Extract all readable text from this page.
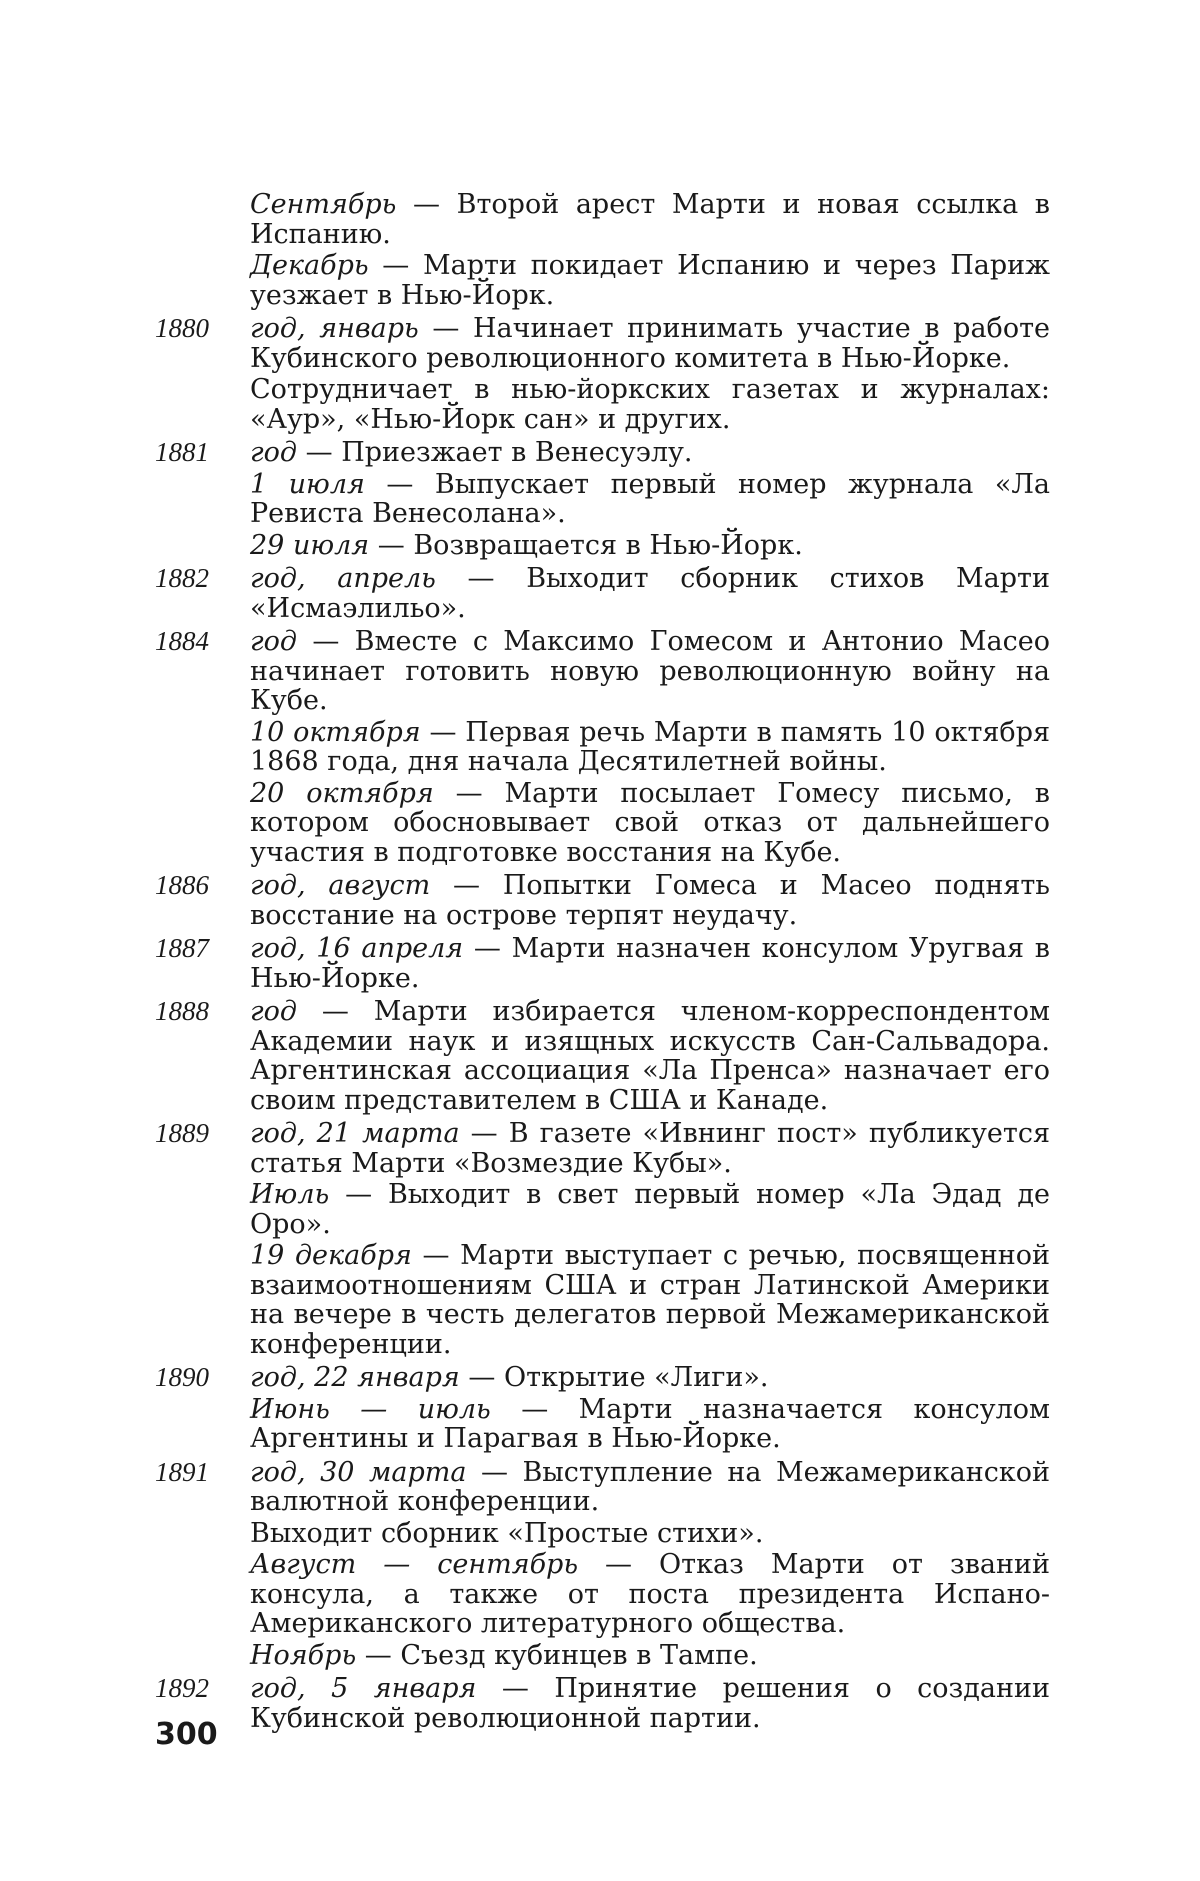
Сентябрь — Второй арест Марти и новая ссылка в Испанию.

Декабрь — Марти покидает Испанию и через Париж уезжает в Нью-Йорк.

1880 год, январь — Начинает принимать участие в работе Кубинского революционного комитета в Нью-Йорке.

Сотрудничает в нью-йоркских газетах и журналах: «Аур», «Нью-Йорк сан» и других.

1881 год — Приезжает в Венесуэлу.

1 июля — Выпускает первый номер журнала «Ла Ревиста Венесолана».

29 июля — Возвращается в Нью-Йорк.

1882 год, апрель — Выходит сборник стихов Марти «Исмаэлильо».

1884 год — Вместе с Максимо Гомесом и Антонио Масео начинает готовить новую революционную войну на Кубе.

10 октября — Первая речь Марти в память 10 октября 1868 года, дня начала Десятилетней войны.

20 октября — Марти посылает Гомесу письмо, в котором обосновывает свой отказ от дальнейшего участия в подготовке восстания на Кубе.

1886 год, август — Попытки Гомеса и Масео поднять восстание на острове терпят неудачу.

1887 год, 16 апреля — Марти назначен консулом Уругвая в Нью-Йорке.

1888 год — Марти избирается членом-корреспондентом Академии наук и изящных искусств Сан-Сальвадора. Аргентинская ассоциация «Ла Пренса» назначает его своим представителем в США и Канаде.

1889 год, 21 марта — В газете «Ивнинг пост» публикуется статья Марти «Возмездие Кубы».

Июль — Выходит в свет первый номер «Ла Эдад де Оро».

19 декабря — Марти выступает с речью, посвященной взаимоотношениям США и стран Латинской Америки на вечере в честь делегатов первой Межамериканской конференции.

1890 год, 22 января — Открытие «Лиги».

Июнь — июль — Марти назначается консулом Аргентины и Парагвая в Нью-Йорке.

1891 год, 30 марта — Выступление на Межамериканской валютной конференции.

Выходит сборник «Простые стихи».

Август — сентябрь — Отказ Марти от званий консула, а также от поста президента Испано-Американского литературного общества.

Ноябрь — Съезд кубинцев в Тампе.

1892 год, 5 января — Принятие решения о создании Кубинской революционной партии.

300
